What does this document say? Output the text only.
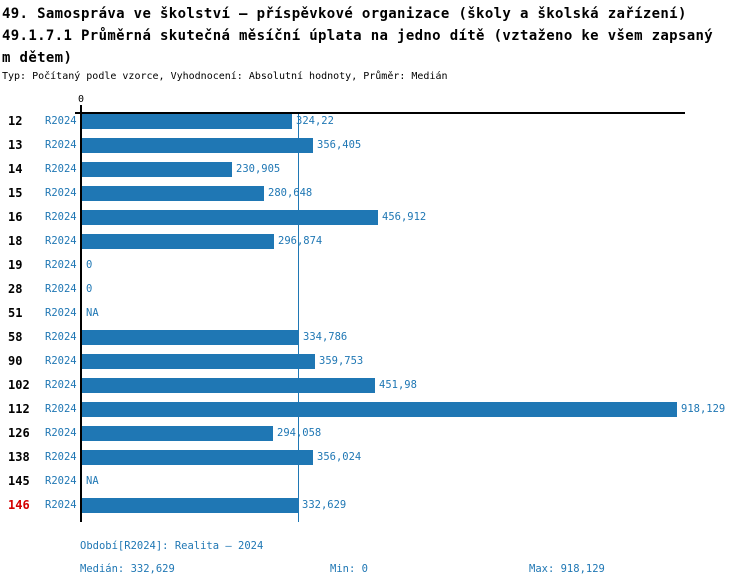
49. Samospráva ve školství – příspěvkové organizace (školy a školská zařízení)
49.1.7.1 Průměrná skutečná měsíční úplata na jedno dítě (vztaženo ke všem zapsaný
m dětem)
Typ: Počítaný podle vzorce, Vyhodnocení: Absolutní hodnoty, Průměr: Medián
0
12 R2024	324,22
13 R2024	356,405
14 R2024	230,905
15 R2024	280,648
16 R2024	456,912
18 R2024	296,874
19 R2024 0
28 R2024 0
51 R2024 NA
58 R2024	334,786
90 R2024	359,753
102 R2024	451,98
112 R2024	918,129
126 R2024	294,058
138 R2024	356,024
145 R2024 NA
146 R2024	332,629
Období[R2024]: Realita – 2024
Medián: 332,629	Min: 0	Max: 918,129
